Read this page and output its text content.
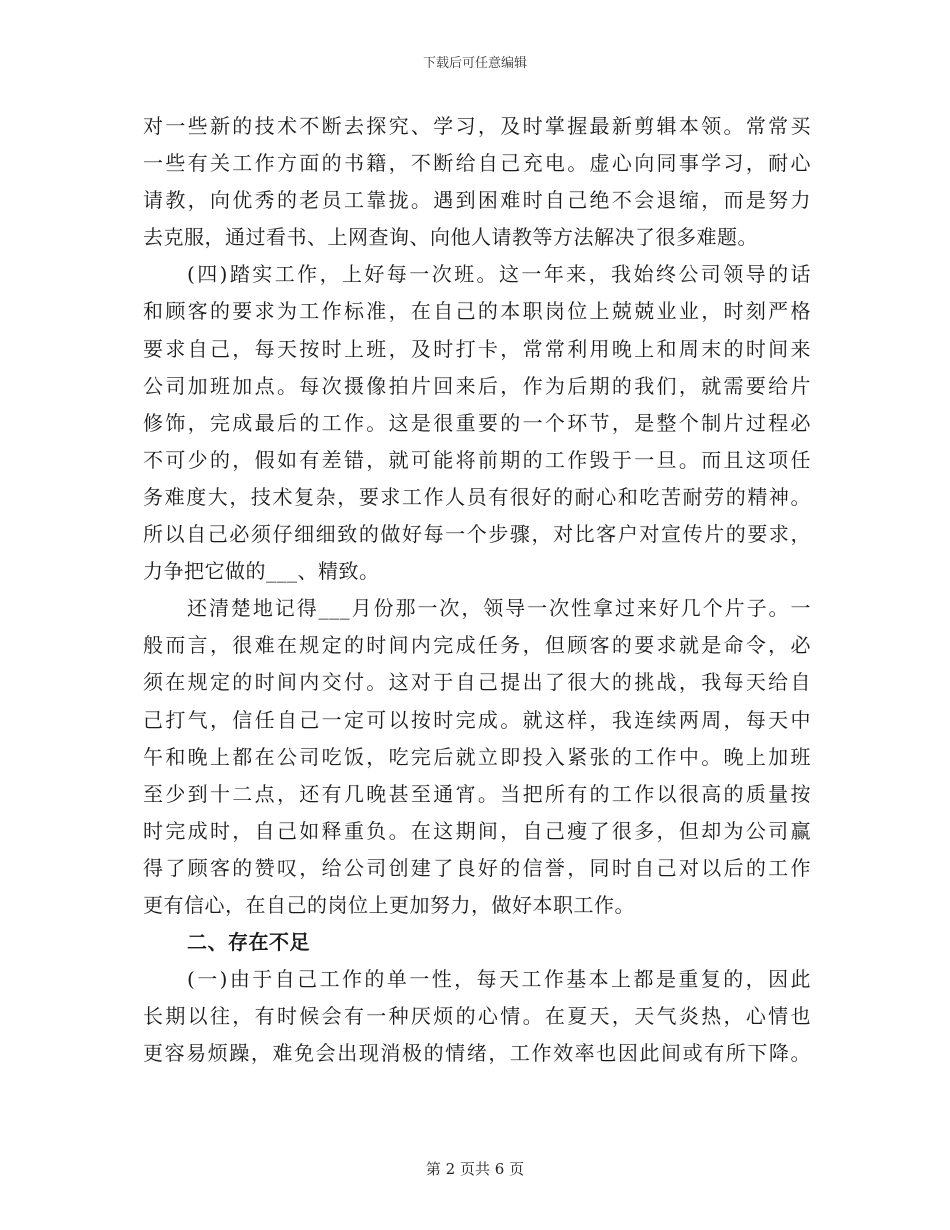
下载后可任意编辑
对一些新的技术不断去探究、学习，及时掌握最新剪辑本领。常常买
一些有关工作方面的书籍，不断给自己充电。虚心向同事学习，耐心
请教，向优秀的老员工靠拢。遇到困难时自己绝不会退缩，而是努力
去克服，通过看书、上网查询、向他人请教等方法解决了很多难题。
(四)踏实工作，上好每一次班。这一年来，我始终公司领导的话
和顾客的要求为工作标准，在自己的本职岗位上兢兢业业，时刻严格
要求自己，每天按时上班，及时打卡，常常利用晚上和周末的时间来
公司加班加点。每次摄像拍片回来后，作为后期的我们，就需要给片
修饰，完成最后的工作。这是很重要的一个环节，是整个制片过程必
不可少的，假如有差错，就可能将前期的工作毁于一旦。而且这项任
务难度大，技术复杂，要求工作人员有很好的耐心和吃苦耐劳的精神。
所以自己必须仔细细致的做好每一个步骤，对比客户对宣传片的要求，
力争把它做的___、精致。
还清楚地记得___月份那一次，领导一次性拿过来好几个片子。一
般而言，很难在规定的时间内完成任务，但顾客的要求就是命令，必
须在规定的时间内交付。这对于自己提出了很大的挑战，我每天给自
己打气，信任自己一定可以按时完成。就这样，我连续两周，每天中
午和晚上都在公司吃饭，吃完后就立即投入紧张的工作中。晚上加班
至少到十二点，还有几晚甚至通宵。当把所有的工作以很高的质量按
时完成时，自己如释重负。在这期间，自己瘦了很多，但却为公司赢
得了顾客的赞叹，给公司创建了良好的信誉，同时自己对以后的工作
更有信心，在自己的岗位上更加努力，做好本职工作。
二、存在不足
(一)由于自己工作的单一性，每天工作基本上都是重复的，因此
长期以往，有时候会有一种厌烦的心情。在夏天，天气炎热，心情也
更容易烦躁，难免会出现消极的情绪，工作效率也因此间或有所下降。
第 2 页共 6 页
